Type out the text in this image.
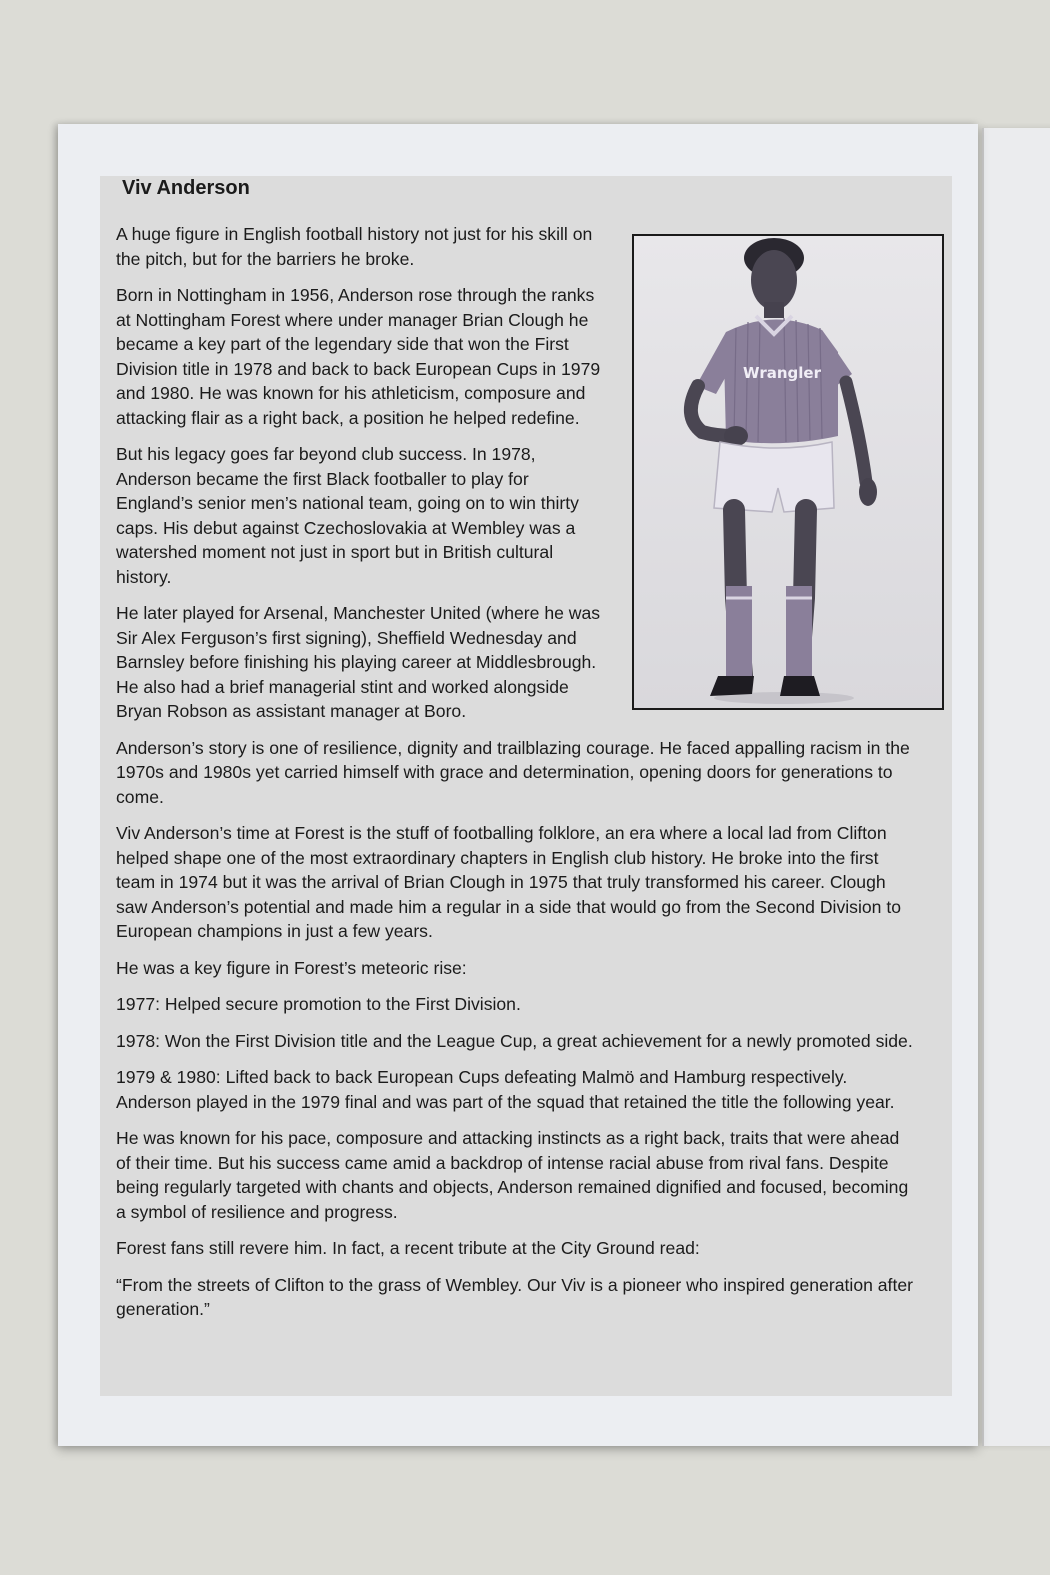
Viv Anderson
Wrangler

A huge figure in English football history not just for his skill on the pitch, but for the barriers he broke.

Born in Nottingham in 1956, Anderson rose through the ranks at Nottingham Forest where under manager Brian Clough he became a key part of the legendary side that won the First Division title in 1978 and back to back European Cups in 1979 and 1980. He was known for his athleticism, composure and attacking flair as a right back, a position he helped redefine.

But his legacy goes far beyond club success. In 1978, Anderson became the first Black footballer to play for England’s senior men’s national team, going on to win thirty caps. His debut against Czechoslovakia at Wembley was a watershed moment not just in sport but in British cultural history.

He later played for Arsenal, Manchester United (where he was Sir Alex Ferguson’s first signing), Sheffield Wednesday and Barnsley before finishing his playing career at Middlesbrough. He also had a brief managerial stint and worked alongside Bryan Robson as assistant manager at Boro.

Anderson’s story is one of resilience, dignity and trailblazing courage. He faced appalling racism in the 1970s and 1980s yet carried himself with grace and determination, opening doors for generations to come.

Viv Anderson’s time at Forest is the stuff of footballing folklore, an era where a local lad from Clifton helped shape one of the most extraordinary chapters in English club history. He broke into the first team in 1974 but it was the arrival of Brian Clough in 1975 that truly transformed his career. Clough saw Anderson’s potential and made him a regular in a side that would go from the Second Division to European champions in just a few years.

He was a key figure in Forest’s meteoric rise:

1977: Helped secure promotion to the First Division.

1978: Won the First Division title and the League Cup, a great achievement for a newly promoted side.

1979 & 1980: Lifted back to back European Cups defeating Malmö and Hamburg respectively. Anderson played in the 1979 final and was part of the squad that retained the title the following year.

He was known for his pace, composure and attacking instincts as a right back, traits that were ahead of their time. But his success came amid a backdrop of intense racial abuse from rival fans. Despite being regularly targeted with chants and objects, Anderson remained dignified and focused, becoming a symbol of resilience and progress.

Forest fans still revere him. In fact, a recent tribute at the City Ground read:

“From the streets of Clifton to the grass of Wembley. Our Viv is a pioneer who inspired generation after generation.”
